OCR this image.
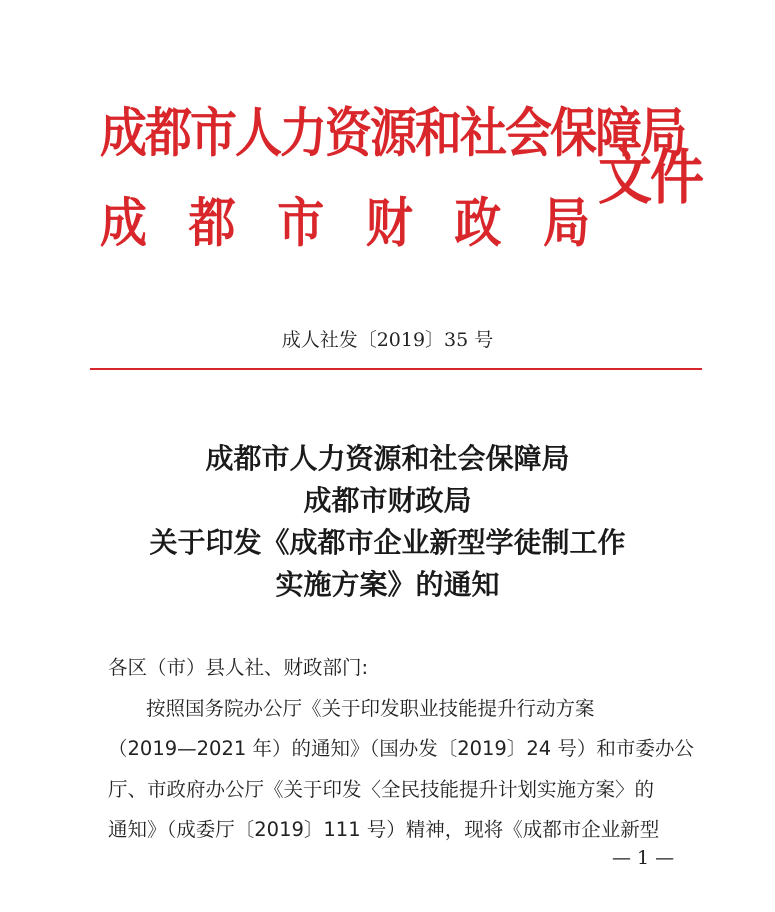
成都市人力资源和社会保障局
成 都 市 财 政 局
文件
成人社发〔2019〕35 号
成都市人力资源和社会保障局
成都市财政局
关于印发《成都市企业新型学徒制工作
实施方案》的通知
各区（市）县人社、财政部门:
按照国务院办公厅《关于印发职业技能提升行动方案
（2019—2021 年）的通知》（国办发〔2019〕24 号）和市委办公
厅、市政府办公厅《关于印发〈全民技能提升计划实施方案〉的
通知》（成委厅〔2019〕111 号）精神，现将《成都市企业新型
— 1 —
